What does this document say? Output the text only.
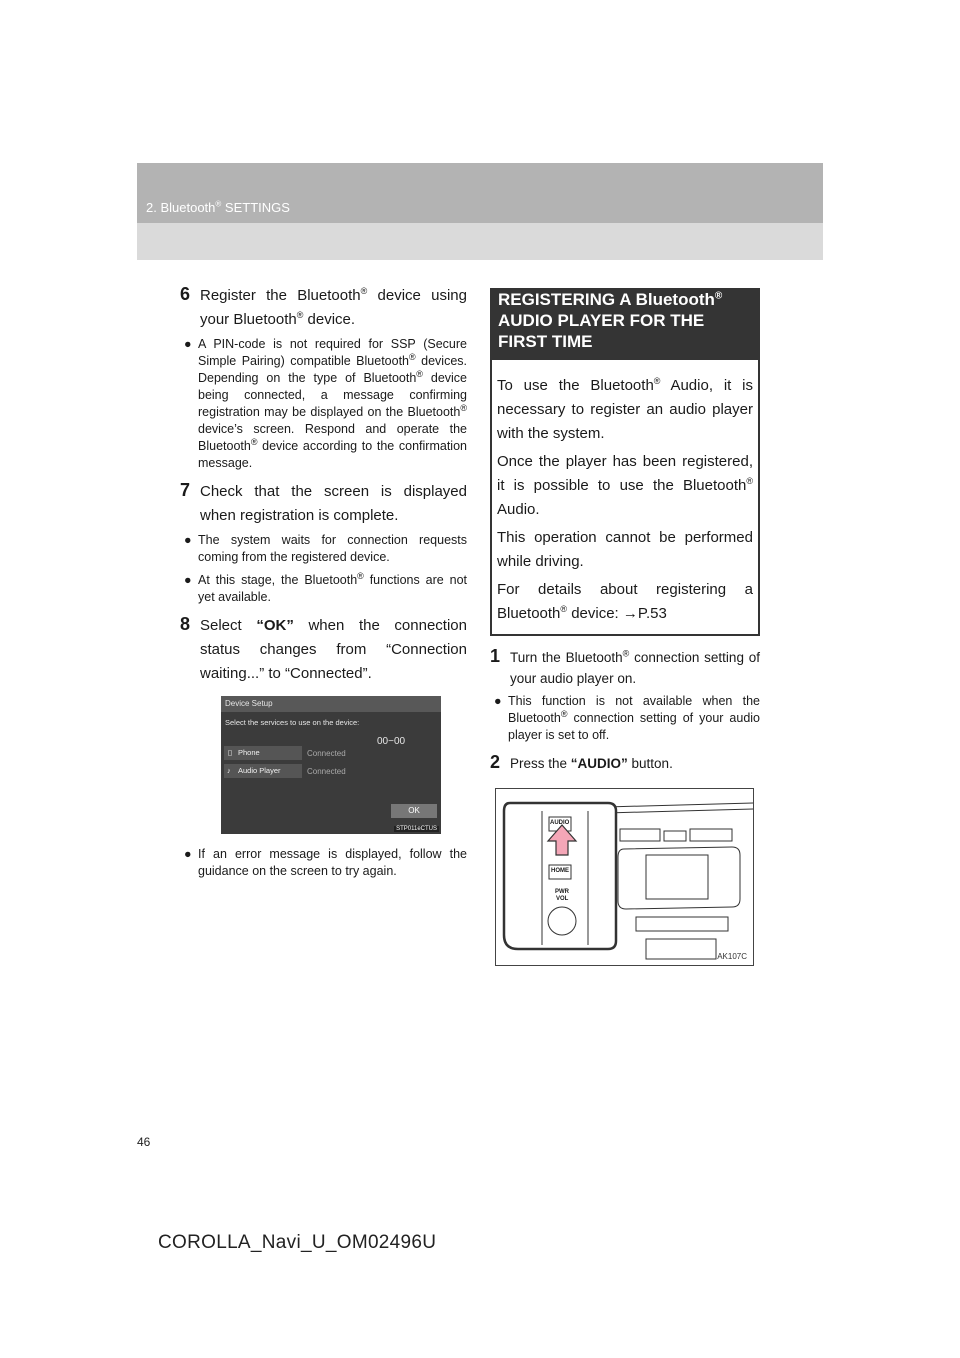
2. Bluetooth® SETTINGS

6 Register the Bluetooth® device using your Bluetooth® device.

● A PIN-code is not required for SSP (Secure Simple Pairing) compatible Bluetooth® devices. Depending on the type of Bluetooth® device being connected, a message confirming registration may be displayed on the Bluetooth® device’s screen. Respond and operate the Bluetooth® device according to the confirmation message.

7 Check that the screen is displayed when registration is complete.

● The system waits for connection requests coming from the registered device.

● At this stage, the Bluetooth® functions are not yet available.

8 Select “OK” when the connection status changes from “Connection waiting...” to “Connected”.

Device Setup
Select the services to use on the device:
00−00
▯ Phone	Connected
♪ Audio Player	Connected
OK
STP011eCTUS

● If an error message is displayed, follow the guidance on the screen to try again.

REGISTERING A Bluetooth® AUDIO PLAYER FOR THE FIRST TIME

To use the Bluetooth® Audio, it is necessary to register an audio player with the system.

Once the player has been registered, it is possible to use the Bluetooth® Audio.

This operation cannot be performed while driving.

For details about registering a Bluetooth® device: →P.53

1 Turn the Bluetooth® connection setting of your audio player on.

● This function is not available when the Bluetooth® connection setting of your audio player is set to off.

2 Press the “AUDIO” button.

AUDIO
HOME
PWR
VOL
AK107C
46
COROLLA_Navi_U_OM02496U
